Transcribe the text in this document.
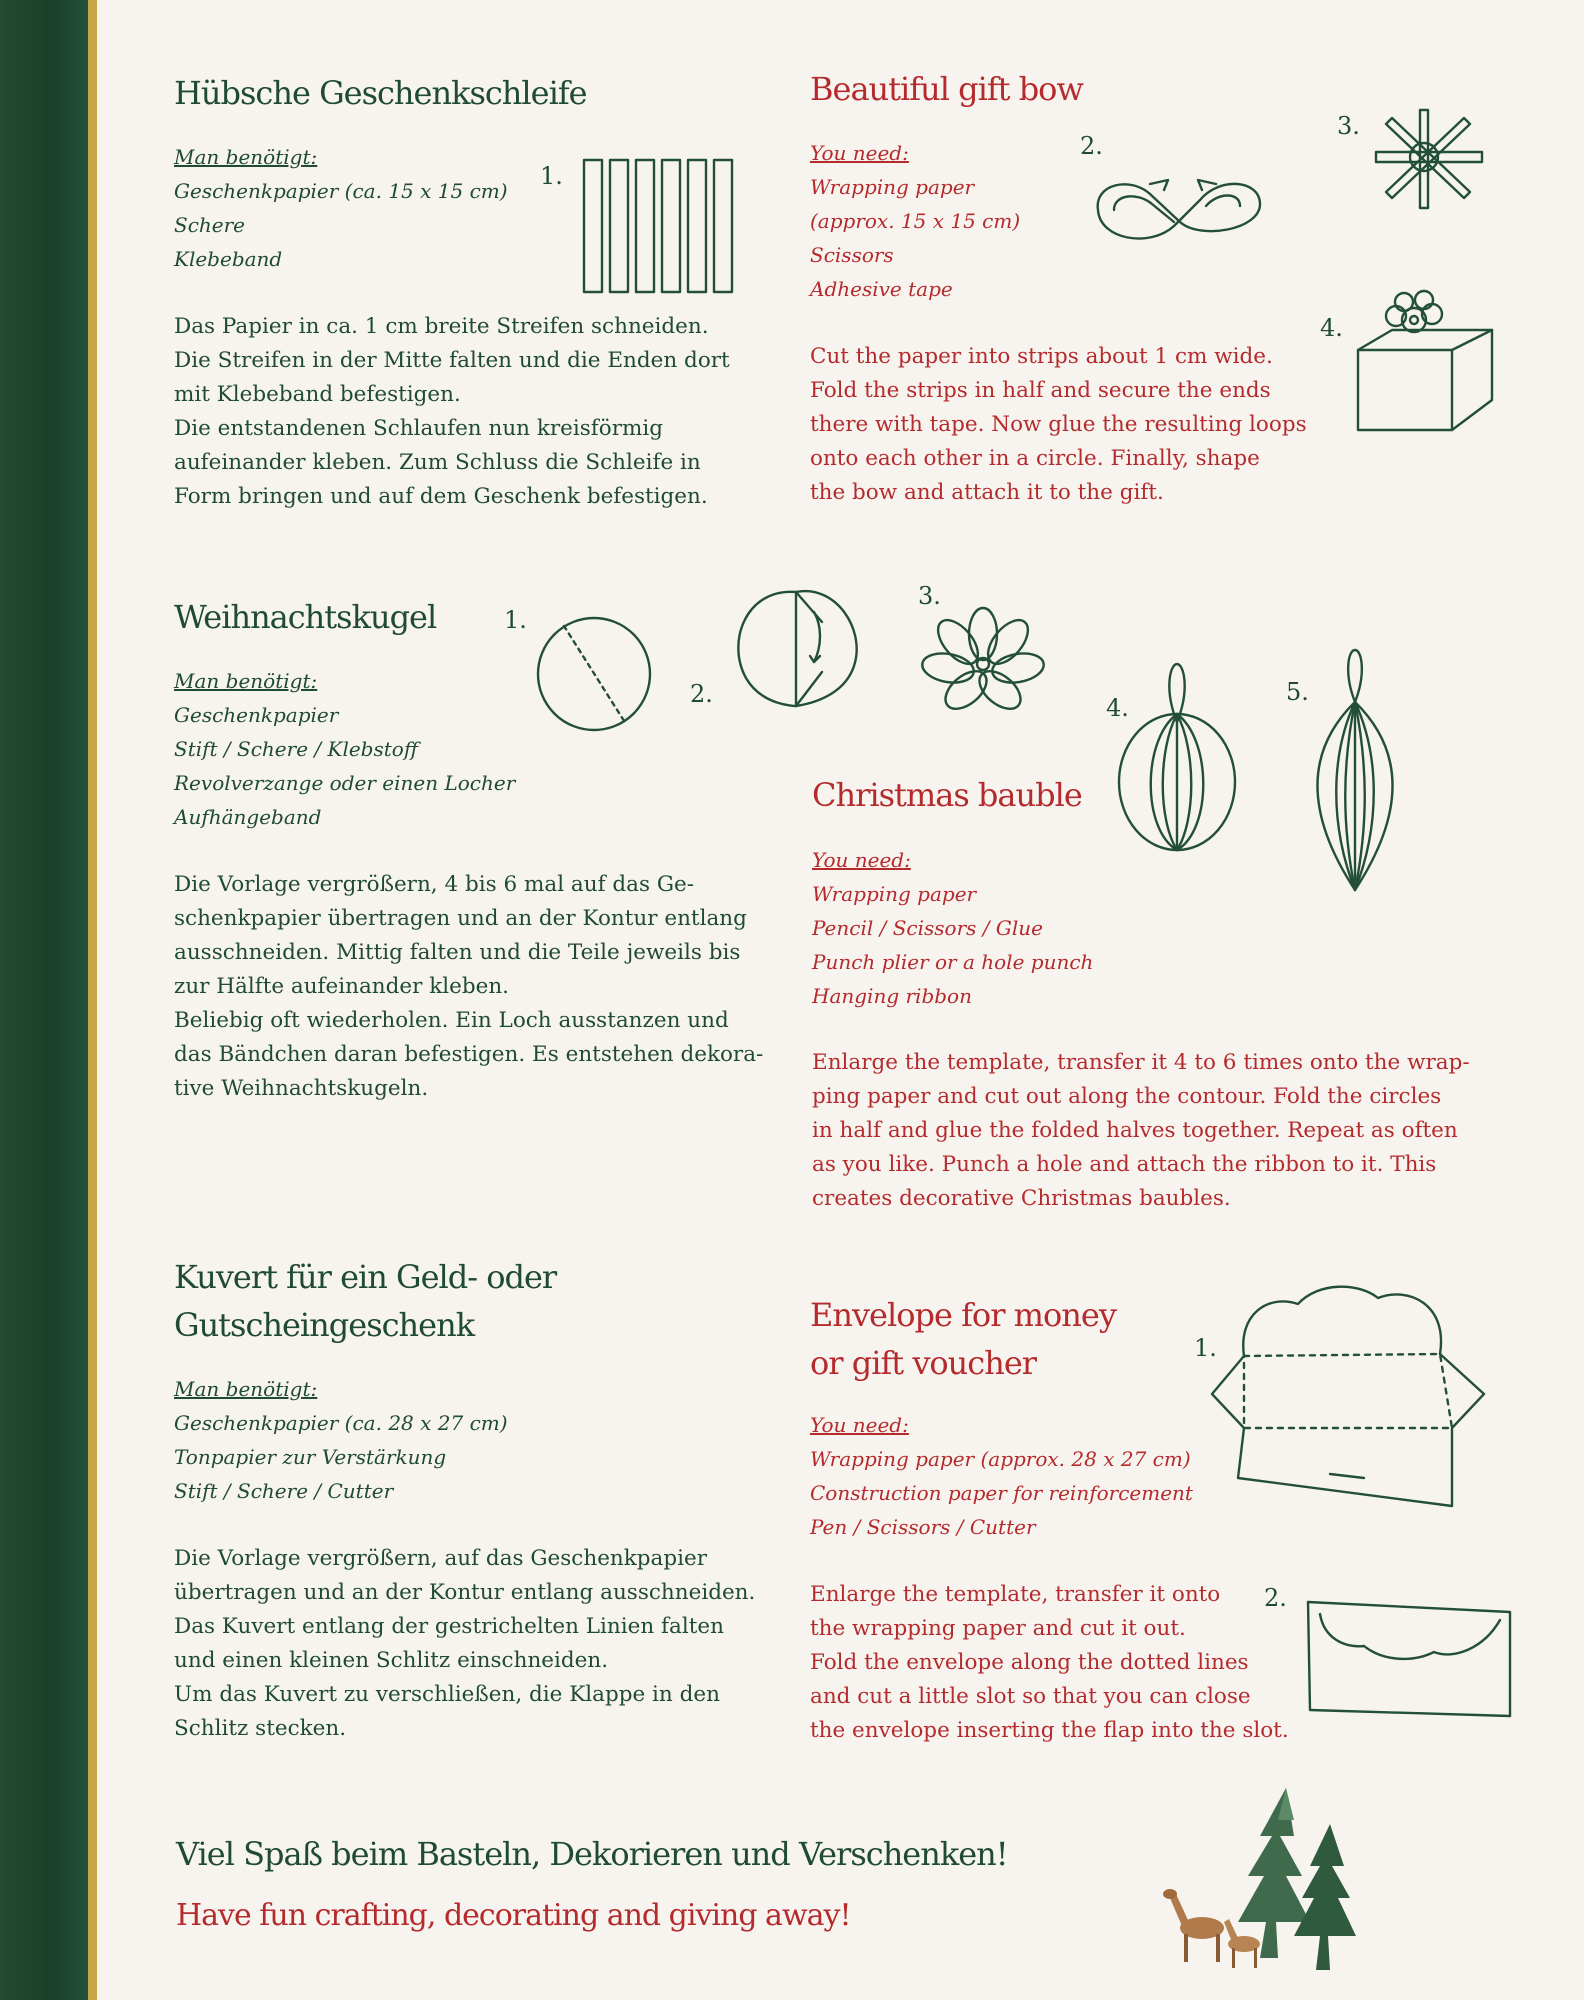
Hübsche Geschenkschleife
Man benötigt:
Geschenkpapier (ca. 15 x 15 cm)
Schere
Klebeband

Das Papier in ca. 1 cm breite Streifen schneiden.

Die Streifen in der Mitte falten und die Enden dort

mit Klebeband befestigen.

Die entstandenen Schlaufen nun kreisförmig

aufeinander kleben. Zum Schluss die Schleife in

Form bringen und auf dem Geschenk befestigen.

Beautiful gift bow
You need:
Wrapping paper
(approx. 15 x 15 cm)
Scissors
Adhesive tape

Cut the paper into strips about 1 cm wide.

Fold the strips in half and secure the ends

there with tape. Now glue the resulting loops

onto each other in a circle. Finally, shape

the bow and attach it to the gift.

1.
2.
3.
4.
Weihnachtskugel
Man benötigt:
Geschenkpapier
Stift / Schere / Klebstoff
Revolverzange oder einen Locher
Aufhängeband

Die Vorlage vergrößern, 4 bis 6 mal auf das Ge-

schenkpapier übertragen und an der Kontur entlang

ausschneiden. Mittig falten und die Teile jeweils bis

zur Hälfte aufeinander kleben.

Beliebig oft wiederholen. Ein Loch ausstanzen und

das Bändchen daran befestigen. Es entstehen dekora-

tive Weihnachtskugeln.

Christmas bauble
You need:
Wrapping paper
Pencil / Scissors / Glue
Punch plier or a hole punch
Hanging ribbon

Enlarge the template, transfer it 4 to 6 times onto the wrap-

ping paper and cut out along the contour. Fold the circles

in half and glue the folded halves together. Repeat as often

as you like. Punch a hole and attach the ribbon to it. This

creates decorative Christmas baubles.

1.
2.
3.
4.
5.
Kuvert für ein Geld- oder
Gutscheingeschenk
Man benötigt:
Geschenkpapier (ca. 28 x 27 cm)
Tonpapier zur Verstärkung
Stift / Schere / Cutter

Die Vorlage vergrößern, auf das Geschenkpapier

übertragen und an der Kontur entlang ausschneiden.

Das Kuvert entlang der gestrichelten Linien falten

und einen kleinen Schlitz einschneiden.

Um das Kuvert zu verschließen, die Klappe in den

Schlitz stecken.

Envelope for money
or gift voucher
You need:
Wrapping paper (approx. 28 x 27 cm)
Construction paper for reinforcement
Pen / Scissors / Cutter

Enlarge the template, transfer it onto

the wrapping paper and cut it out.

Fold the envelope along the dotted lines

and cut a little slot so that you can close

the envelope inserting the flap into the slot.

1.
2.
Viel Spaß beim Basteln, Dekorieren und Verschenken!
Have fun crafting, decorating and giving away!
